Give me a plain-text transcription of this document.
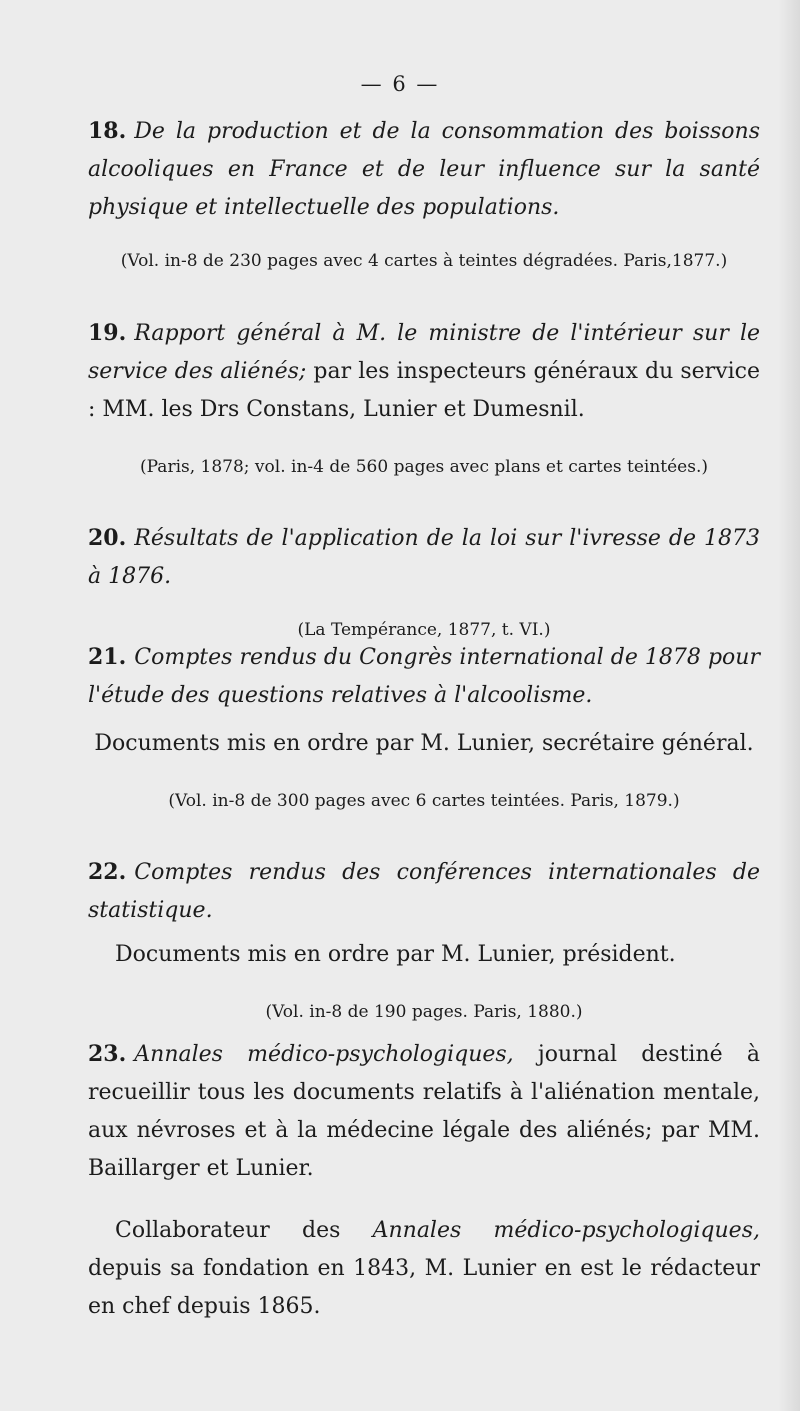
— 6 —

18. De la production et de la consommation des boissons alcooliques en France et de leur influence sur la santé physique et intellectuelle des populations.

(Vol. in-8 de 230 pages avec 4 cartes à teintes dégradées. Paris,1877.)

19. Rapport général à M. le ministre de l'intérieur sur le service des aliénés; par les inspecteurs généraux du service : MM. les Drs Constans, Lunier et Dumesnil.

(Paris, 1878; vol. in-4 de 560 pages avec plans et cartes teintées.)

20. Résultats de l'application de la loi sur l'ivresse de 1873 à 1876.

(La Tempérance, 1877, t. VI.)

21. Comptes rendus du Congrès international de 1878 pour l'étude des questions relatives à l'alcoolisme.

Documents mis en ordre par M. Lunier, secrétaire général.

(Vol. in-8 de 300 pages avec 6 cartes teintées. Paris, 1879.)

22. Comptes rendus des conférences internationales de statistique.

Documents mis en ordre par M. Lunier, président.

(Vol. in-8 de 190 pages. Paris, 1880.)

23. Annales médico-psychologiques, journal destiné à recueillir tous les documents relatifs à l'aliénation mentale, aux névroses et à la médecine légale des aliénés; par MM. Baillarger et Lunier.

Collaborateur des Annales médico-psychologiques, depuis sa fondation en 1843, M. Lunier en est le rédacteur en chef depuis 1865.
